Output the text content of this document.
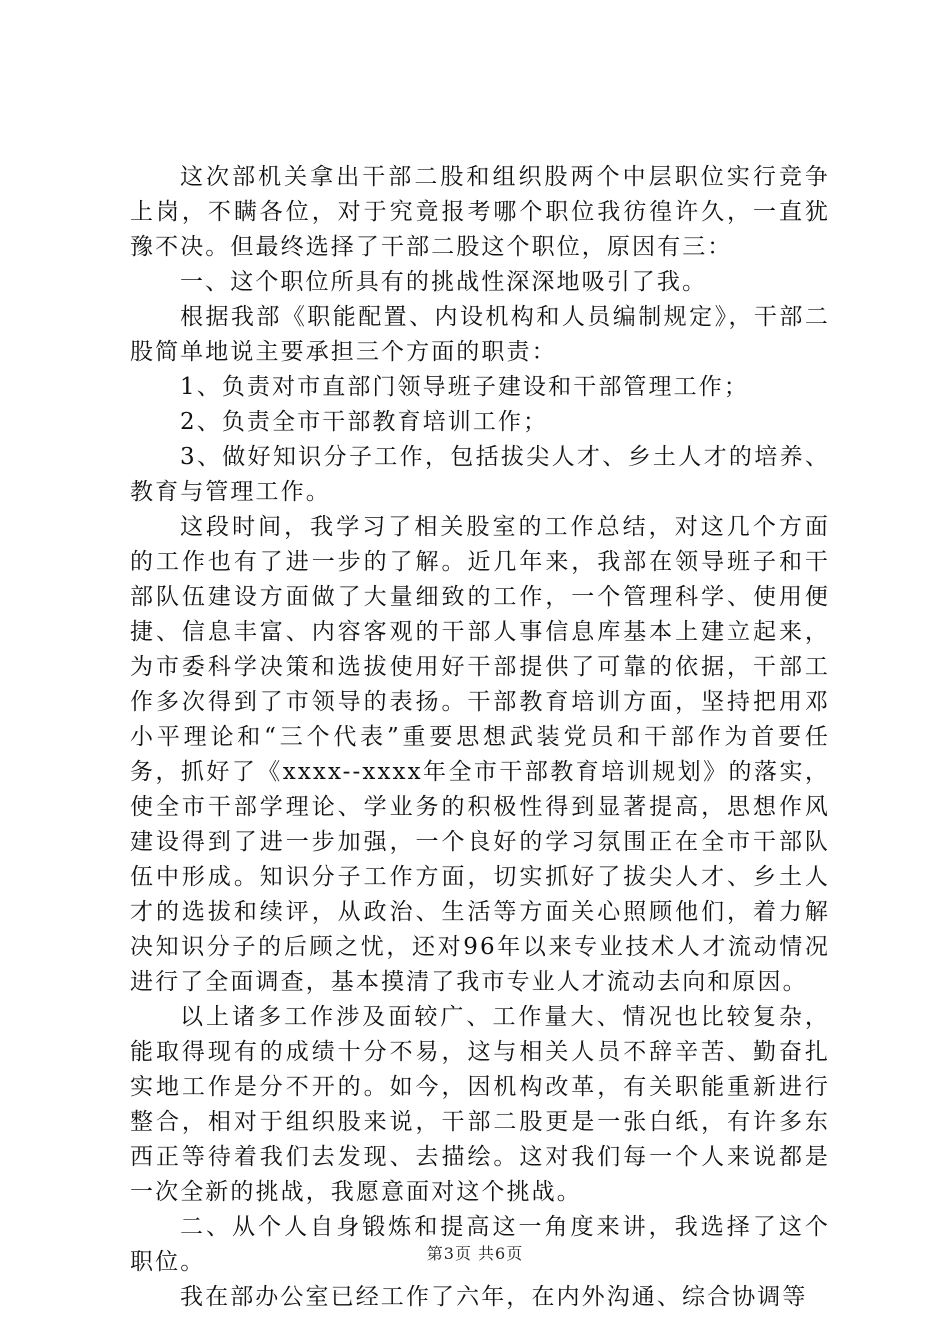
这次部机关拿出干部二股和组织股两个中层职位实行竞争上岗，不瞒各位，对于究竟报考哪个职位我彷徨许久，一直犹豫不决。但最终选择了干部二股这个职位，原因有三：

一、这个职位所具有的挑战性深深地吸引了我。

根据我部《职能配置、内设机构和人员编制规定》，干部二股简单地说主要承担三个方面的职责：

1、负责对市直部门领导班子建设和干部管理工作；

2、负责全市干部教育培训工作；

3、做好知识分子工作，包括拔尖人才、乡土人才的培养、教育与管理工作。

这段时间，我学习了相关股室的工作总结，对这几个方面的工作也有了进一步的了解。近几年来，我部在领导班子和干部队伍建设方面做了大量细致的工作，一个管理科学、使用便捷、信息丰富、内容客观的干部人事信息库基本上建立起来，为市委科学决策和选拔使用好干部提供了可靠的依据，干部工作多次得到了市领导的表扬。干部教育培训方面，坚持把用邓小平理论和“三个代表”重要思想武装党员和干部作为首要任务，抓好了《xxxx--xxxx年全市干部教育培训规划》的落实，使全市干部学理论、学业务的积极性得到显著提高，思想作风建设得到了进一步加强，一个良好的学习氛围正在全市干部队伍中形成。知识分子工作方面，切实抓好了拔尖人才、乡土人才的选拔和续评，从政治、生活等方面关心照顾他们，着力解决知识分子的后顾之忧，还对96年以来专业技术人才流动情况进行了全面调查，基本摸清了我市专业人才流动去向和原因。

以上诸多工作涉及面较广、工作量大、情况也比较复杂，能取得现有的成绩十分不易，这与相关人员不辞辛苦、勤奋扎实地工作是分不开的。如今，因机构改革，有关职能重新进行整合，相对于组织股来说，干部二股更是一张白纸，有许多东西正等待着我们去发现、去描绘。这对我们每一个人来说都是一次全新的挑战，我愿意面对这个挑战。

二、从个人自身锻炼和提高这一角度来讲，我选择了这个职位。

我在部办公室已经工作了六年，在内外沟通、综合协调等

第3页 共6页
